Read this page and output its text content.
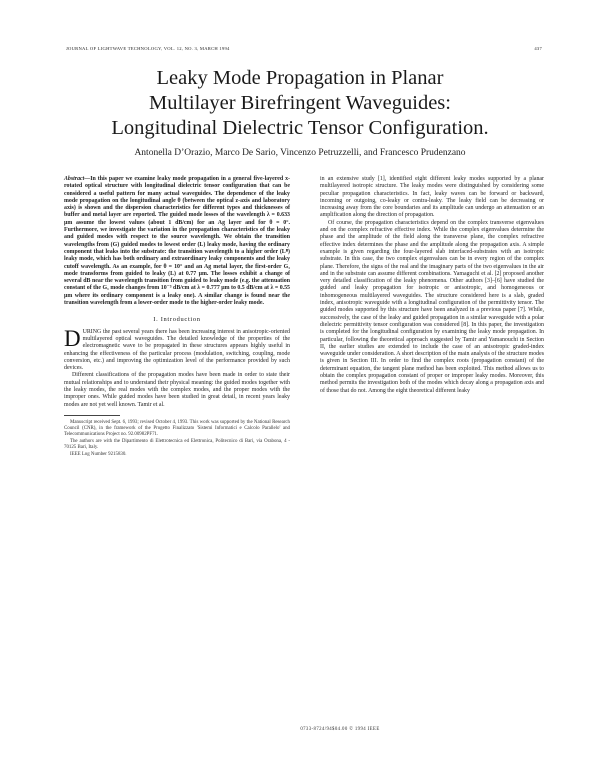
JOURNAL OF LIGHTWAVE TECHNOLOGY, VOL. 12, NO. 3, MARCH 1994	437
Leaky Mode Propagation in Planar
Multilayer Birefringent Waveguides:
Longitudinal Dielectric Tensor Configuration.
Antonella D’Orazio, Marco De Sario, Vincenzo Petruzzelli, and Francesco Prudenzano
Abstract—In this paper we examine leaky mode propagation in a general five-layered x-rotated optical structure with longitudinal dielectric tensor configuration that can be considered a useful pattern for many actual waveguides. The dependence of the leaky mode propagation on the longitudinal angle θ (between the optical z-axis and laboratory axis) is shown and the dispersion characteristics for different types and thicknesses of buffer and metal layer are reported. The guided mode losses of the wavelength λ = 0.633 μm assume the lowest values (about 1 dB/cm) for an Ag layer and for θ = 0°. Furthermore, we investigate the variation in the propagation characteristics of the leaky and guided modes with respect to the source wavelength. We obtain the transition wavelengths from (G) guided modes to lowest order (L) leaky mode, having the ordinary component that leaks into the substrate: the transition wavelength to a higher order (Lᴮ) leaky mode, which has both ordinary and extraordinary leaky components and the leaky cutoff wavelength. As an example, for θ = 10° and an Ag metal layer, the first-order G₁ mode transforms from guided to leaky (L) at 0.77 μm. The losses exhibit a change of several dB near the wavelength transition from guided to leaky mode (e.g. the attenuation constant of the G₁ mode changes from 10⁻³ dB/cm at λ = 0.777 μm to 0.5 dB/cm at λ = 0.55 μm where its ordinary component is a leaky one). A similar change is found near the transition wavelength from a lower-order mode to the higher-order leaky mode.
I. Introduction

DURING the past several years there has been increasing interest in anisotropic-oriented multilayered optical waveguides. The detailed knowledge of the properties of the electromagnetic wave to be propagated in these structures appears highly useful in enhancing the effectiveness of the particular process (modulation, switching, coupling, mode conversion, etc.) and improving the optimization level of the performance provided by such devices.

Different classifications of the propagation modes have been made in order to state their mutual relationships and to understand their physical meaning: the guided modes together with the leaky modes, the real modes with the complex modes, and the proper modes with the improper ones. While guided modes have been studied in great detail, in recent years leaky modes are not yet well known. Tamir et al.

Manuscript received Sept. 6, 1993; revised October 4, 1993. This work was supported by the National Research Council (CNR), in the framework of the Progetto Finalizzato 'Sistemi Informatici e Calcolo Parallelo' and Telecommunications Project no. 92.00982PF71.

The authors are with the Dipartimento di Elettrotecnica ed Elettronica, Politecnico di Bari, via Orabona, 4 - 70125 Bari, Italy.

IEEE Log Number 9215830.

in an extensive study [1], identified eight different leaky modes supported by a planar multilayered isotropic structure. The leaky modes were distinguished by considering some peculiar propagation characteristics. In fact, leaky waves can be forward or backward, incoming or outgoing, co-leaky or contra-leaky. The leaky field can be decreasing or increasing away from the core boundaries and its amplitude can undergo an attenuation or an amplification along the direction of propagation.

Of course, the propagation characteristics depend on the complex transverse eigenvalues and on the complex refractive effective index. While the complex eigenvalues determine the phase and the amplitude of the field along the transverse plane, the complex refractive effective index determines the phase and the amplitude along the propagation axis. A simple example is given regarding the four-layered slab interfaced-substrates with an isotropic substrate. In this case, the two complex eigenvalues can be in every region of the complex plane. Therefore, the signs of the real and the imaginary parts of the two eigenvalues in the air and in the substrate can assume different combinations. Yamaguchi et al. [2] proposed another very detailed classification of the leaky phenomena. Other authors [3]–[6] have studied the guided and leaky propagation for isotropic or anisotropic, and homogeneous or inhomogeneous multilayered waveguides. The structure considered here is a slab, graded index, anisotropic waveguide with a longitudinal configuration of the permittivity tensor. The guided modes supported by this structure have been analyzed in a previous paper [7]. While, successively, the case of the leaky and guided propagation in a similar waveguide with a polar dielectric permittivity tensor configuration was considered [8]. In this paper, the investigation is completed for the longitudinal configuration by examining the leaky mode propagation. In particular, following the theoretical approach suggested by Tamir and Yamanouchi in Section II, the earlier studies are extended to include the case of an anisotropic graded-index waveguide under consideration. A short description of the main analysis of the structure modes is given in Section III. In order to find the complex roots (propagation constant) of the determinant equation, the tangent plane method has been exploited. This method allows us to obtain the complex propagation constant of proper or improper leaky modes. Moreover, this method permits the investigation both of the modes which decay along a propagation axis and of those that do not. Among the eight theoretical different leaky

0733-8724/94$04.00 © 1994 IEEE
